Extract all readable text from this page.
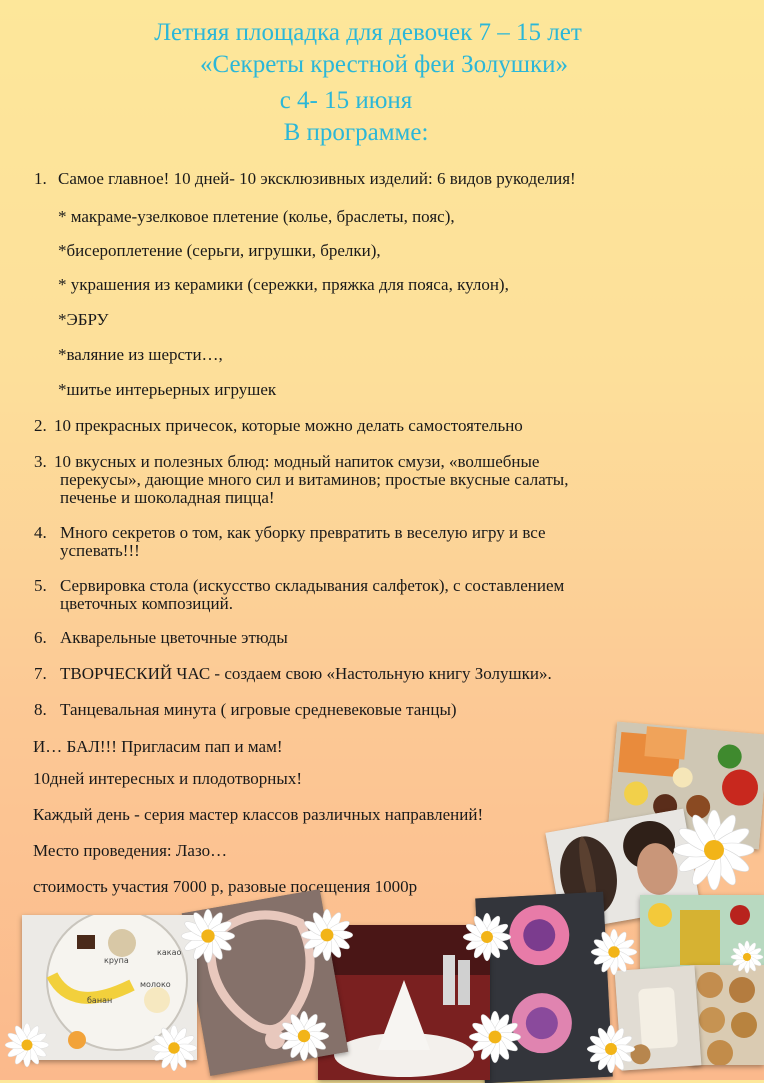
Летняя площадка для девочек 7 – 15 лет
«Секреты крестной феи Золушки»
с 4- 15 июня
В программе:
1. Самое главное! 10 дней- 10 эксклюзивных изделий: 6 видов рукоделия!
* макраме-узелковое плетение (колье, браслеты, пояс),
*бисероплетение (серьги, игрушки, брелки),
* украшения из керамики (сережки, пряжка для пояса, кулон),
*ЭБРУ
*валяние из шерсти…,
*шитье интерьерных игрушек
2. 10 прекрасных причесок, которые можно делать самостоятельно
3. 10 вкусных и полезных блюд: модный напиток смузи, «волшебные
перекусы», дающие много сил и витаминов; простые вкусные салаты,
печенье и шоколадная пицца!
4. Много секретов о том, как уборку превратить в веселую игру и все
успевать!!!
5. Сервировка стола (искусство складывания салфеток), с составлением
цветочных композиций.
6. Акварельные цветочные этюды
7. ТВОРЧЕСКИЙ ЧАС - создаем свою «Настольную книгу Золушки».
8. Танцевальная минута ( игровые средневековые танцы)
И… БАЛ!!! Пригласим пап и мам!
10дней интересных и плодотворных!
Каждый день - серия мастер классов различных направлений!
Место проведения: Лазо…
стоимость участия 7000 р, разовые посещения 1000р
крупа
банан
молоко
какао
